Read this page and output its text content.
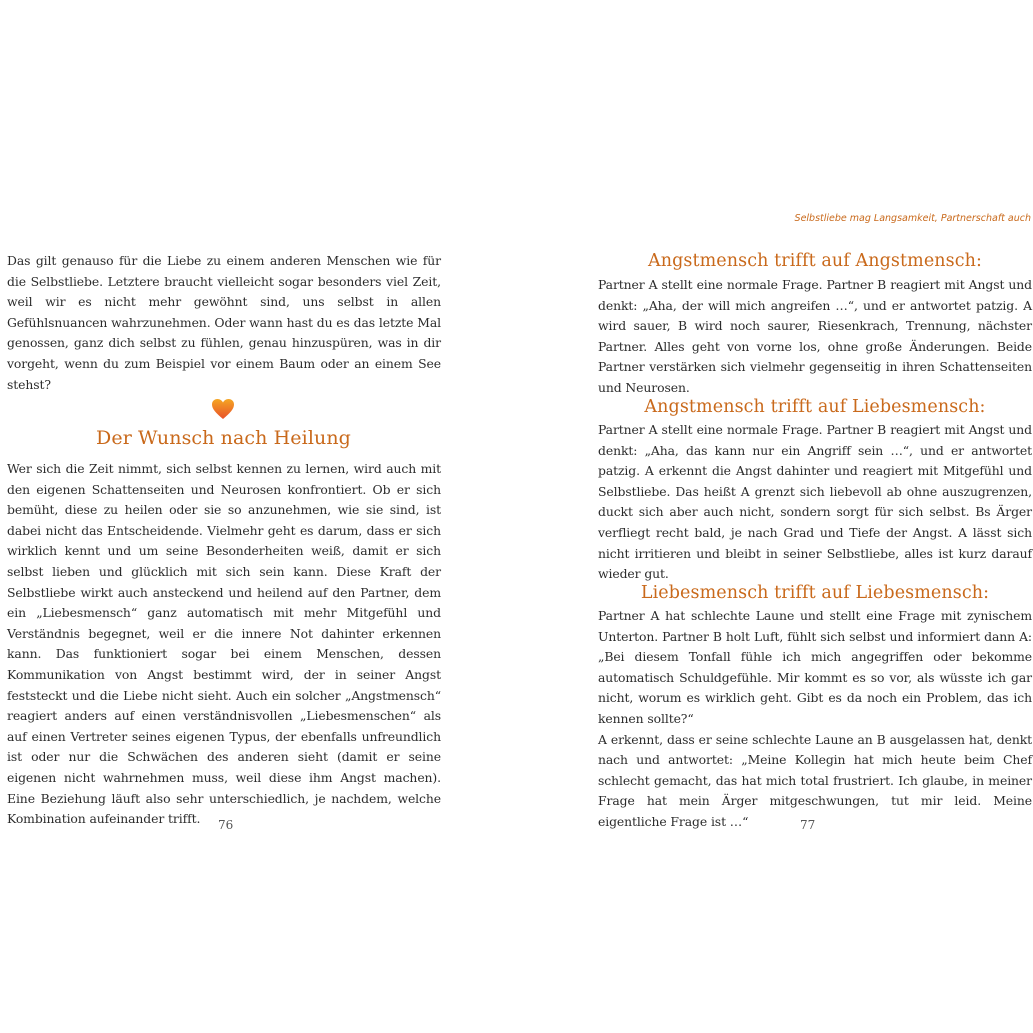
Das gilt genauso für die Liebe zu einem anderen Menschen wie für die Selbstliebe. Letztere braucht vielleicht sogar besonders viel Zeit, weil wir es nicht mehr gewöhnt sind, uns selbst in allen Gefühlsnuancen wahrzunehmen. Oder wann hast du es das letzte Mal genossen, ganz dich selbst zu fühlen, genau hinzuspüren, was in dir vorgeht, wenn du zum Beispiel vor einem Baum oder an einem See stehst?

Der Wunsch nach Heilung

Wer sich die Zeit nimmt, sich selbst kennen zu lernen, wird auch mit den eigenen Schattenseiten und Neurosen konfrontiert. Ob er sich bemüht, diese zu heilen oder sie so anzunehmen, wie sie sind, ist dabei nicht das Entscheidende. Vielmehr geht es darum, dass er sich wirklich kennt und um seine Besonderheiten weiß, damit er sich selbst lieben und glücklich mit sich sein kann. Diese Kraft der Selbstliebe wirkt auch ansteckend und heilend auf den Partner, dem ein „Liebesmensch“ ganz automatisch mit mehr Mitgefühl und Verständnis begegnet, weil er die innere Not dahinter erkennen kann. Das funktioniert sogar bei einem Menschen, dessen Kommunikation von Angst bestimmt wird, der in seiner Angst feststeckt und die Liebe nicht sieht. Auch ein solcher „Angstmensch“ reagiert anders auf einen verständnisvollen „Liebesmenschen“ als auf einen Vertreter seines eigenen Typus, der ebenfalls unfreundlich ist oder nur die Schwächen des anderen sieht (damit er seine eigenen nicht wahrnehmen muss, weil diese ihm Angst machen). Eine Beziehung läuft also sehr unterschiedlich, je nachdem, welche Kombination aufeinander trifft.	76
Selbstliebe mag Langsamkeit, Partnerschaft auch
Angstmensch trifft auf Angstmensch:

Partner A stellt eine normale Frage. Partner B reagiert mit Angst und denkt: „Aha, der will mich angreifen …“, und er antwortet patzig. A wird sauer, B wird noch saurer, Riesenkrach, Trennung, nächster Partner. Alles geht von vorne los, ohne große Änderungen. Beide Partner verstärken sich vielmehr gegenseitig in ihren Schattenseiten und Neurosen.

Angstmensch trifft auf Liebesmensch:

Partner A stellt eine normale Frage. Partner B reagiert mit Angst und denkt: „Aha, das kann nur ein Angriff sein …“, und er antwortet patzig. A erkennt die Angst dahinter und reagiert mit Mitgefühl und Selbstliebe. Das heißt A grenzt sich liebevoll ab ohne auszugrenzen, duckt sich aber auch nicht, sondern sorgt für sich selbst. Bs Ärger verfliegt recht bald, je nach Grad und Tiefe der Angst. A lässt sich nicht irritieren und bleibt in seiner Selbstliebe, alles ist kurz darauf wieder gut.

Liebesmensch trifft auf Liebesmensch:

Partner A hat schlechte Laune und stellt eine Frage mit zynischem Unterton. Partner B holt Luft, fühlt sich selbst und informiert dann A: „Bei diesem Tonfall fühle ich mich angegriffen oder bekomme automatisch Schuldgefühle. Mir kommt es so vor, als wüsste ich gar nicht, worum es wirklich geht. Gibt es da noch ein Problem, das ich kennen sollte?“

A erkennt, dass er seine schlechte Laune an B ausgelassen hat, denkt nach und antwortet: „Meine Kollegin hat mich heute beim Chef schlecht gemacht, das hat mich total frustriert. Ich glaube, in meiner Frage hat mein Ärger mitgeschwungen, tut mir leid. Meine eigentliche Frage ist …“	77
